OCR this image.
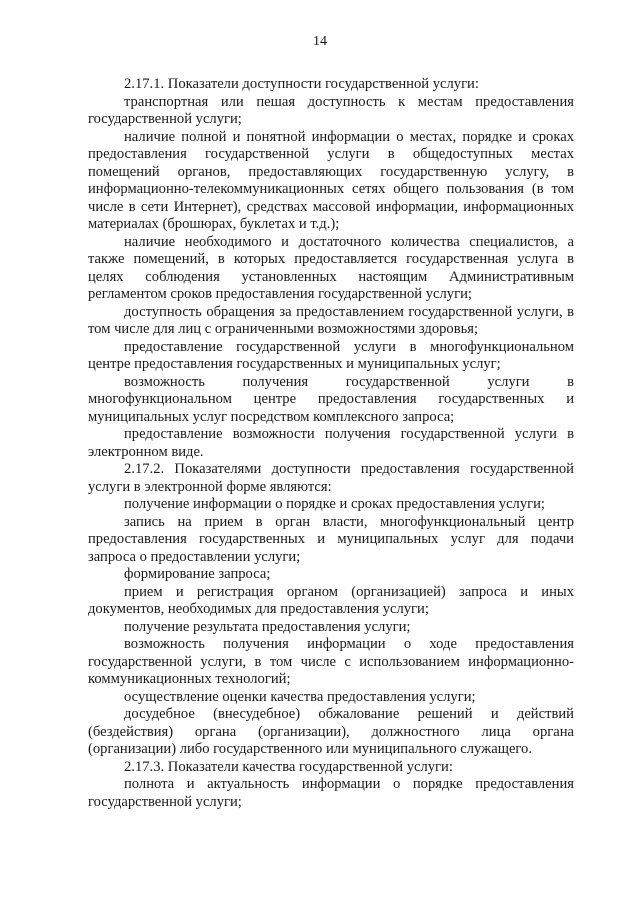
14

2.17.1. Показатели доступности государственной услуги:

транспортная или пешая доступность к местам предоставления государственной услуги;

наличие полной и понятной информации о местах, порядке и сроках предоставления государственной услуги в общедоступных местах помещений органов, предоставляющих государственную услугу, в информационно-телекоммуникационных сетях общего пользования (в том числе в сети Интернет), средствах массовой информации, информационных материалах (брошюрах, буклетах и т.д.);

наличие необходимого и достаточного количества специалистов, а также помещений, в которых предоставляется государственная услуга в целях соблюдения установленных настоящим Административным регламентом сроков предоставления государственной услуги;

доступность обращения за предоставлением государственной услуги, в том числе для лиц с ограниченными возможностями здоровья;

предоставление государственной услуги в многофункциональном центре предоставления государственных и муниципальных услуг;

возможность получения государственной услуги в многофункциональном центре предоставления государственных и муниципальных услуг посредством комплексного запроса;

предоставление возможности получения государственной услуги в электронном виде.

2.17.2. Показателями доступности предоставления государственной услуги в электронной форме являются:

получение информации о порядке и сроках предоставления услуги;

запись на прием в орган власти, многофункциональный центр предоставления государственных и муниципальных услуг для подачи запроса о предоставлении услуги;

формирование запроса;

прием и регистрация органом (организацией) запроса и иных документов, необходимых для предоставления услуги;

получение результата предоставления услуги;

возможность получения информации о ходе предоставления государственной услуги, в том числе с использованием информационно-коммуникационных технологий;

осуществление оценки качества предоставления услуги;

досудебное (внесудебное) обжалование решений и действий (бездействия) органа (организации), должностного лица органа (организации) либо государственного или муниципального служащего.

2.17.3. Показатели качества государственной услуги:

полнота и актуальность информации о порядке предоставления государственной услуги;
